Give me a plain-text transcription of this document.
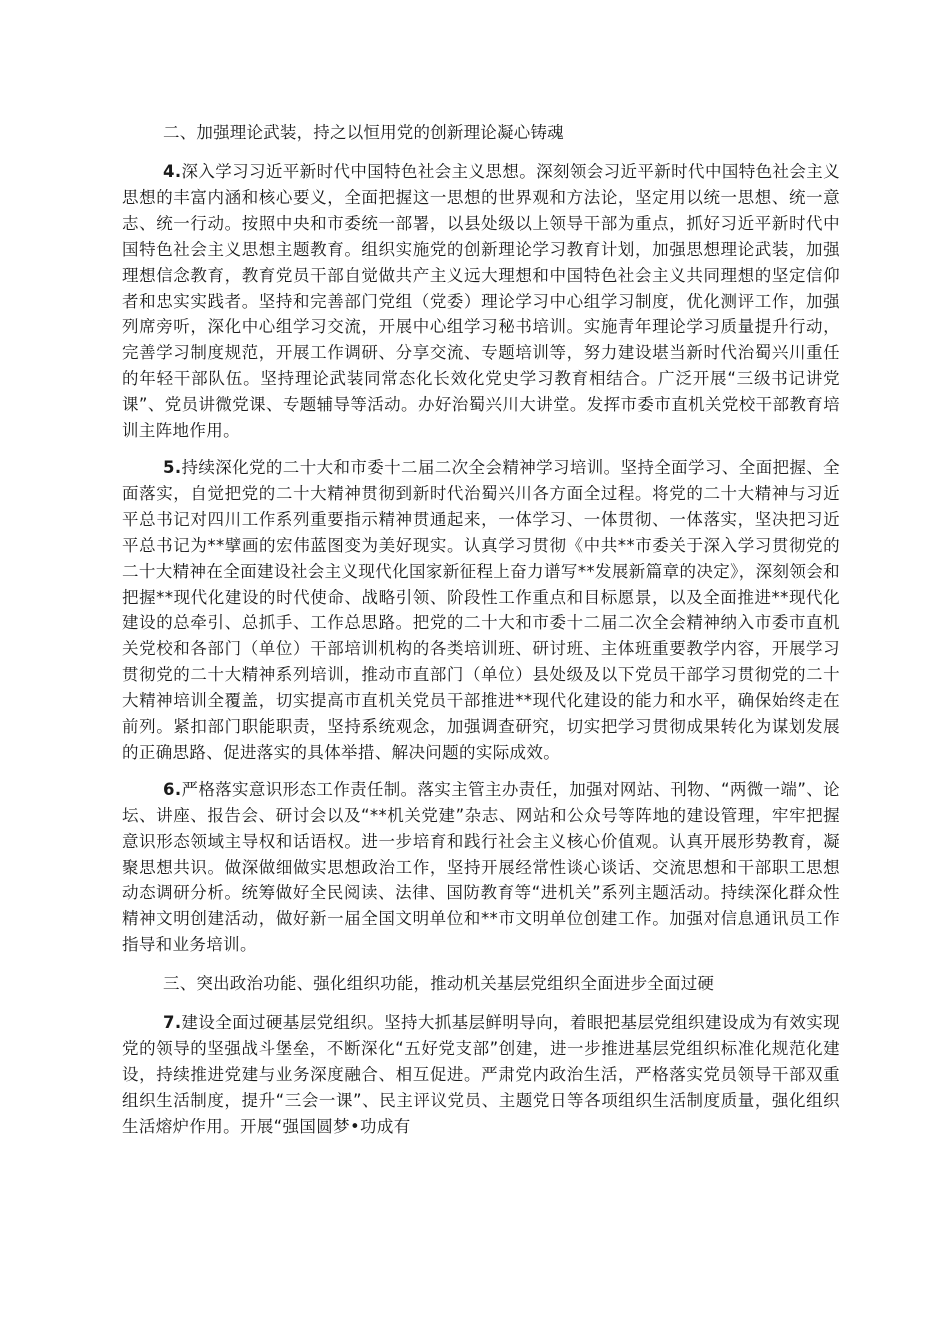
二、加强理论武装，持之以恒用党的创新理论凝心铸魂

4.深入学习习近平新时代中国特色社会主义思想。深刻领会习近平新时代中国特色社会主义思想的丰富内涵和核心要义，全面把握这一思想的世界观和方法论，坚定用以统一思想、统一意志、统一行动。按照中央和市委统一部署，以县处级以上领导干部为重点，抓好习近平新时代中国特色社会主义思想主题教育。组织实施党的创新理论学习教育计划，加强思想理论武装，加强理想信念教育，教育党员干部自觉做共产主义远大理想和中国特色社会主义共同理想的坚定信仰者和忠实实践者。坚持和完善部门党组（党委）理论学习中心组学习制度，优化测评工作，加强列席旁听，深化中心组学习交流，开展中心组学习秘书培训。实施青年理论学习质量提升行动，完善学习制度规范，开展工作调研、分享交流、专题培训等，努力建设堪当新时代治蜀兴川重任的年轻干部队伍。坚持理论武装同常态化长效化党史学习教育相结合。广泛开展“三级书记讲党课”、党员讲微党课、专题辅导等活动。办好治蜀兴川大讲堂。发挥市委市直机关党校干部教育培训主阵地作用。

5.持续深化党的二十大和市委十二届二次全会精神学习培训。坚持全面学习、全面把握、全面落实，自觉把党的二十大精神贯彻到新时代治蜀兴川各方面全过程。将党的二十大精神与习近平总书记对四川工作系列重要指示精神贯通起来，一体学习、一体贯彻、一体落实，坚决把习近平总书记为**擘画的宏伟蓝图变为美好现实。认真学习贯彻《中共**市委关于深入学习贯彻党的二十大精神在全面建设社会主义现代化国家新征程上奋力谱写**发展新篇章的决定》，深刻领会和把握**现代化建设的时代使命、战略引领、阶段性工作重点和目标愿景，以及全面推进**现代化建设的总牵引、总抓手、工作总思路。把党的二十大和市委十二届二次全会精神纳入市委市直机关党校和各部门（单位）干部培训机构的各类培训班、研讨班、主体班重要教学内容，开展学习贯彻党的二十大精神系列培训，推动市直部门（单位）县处级及以下党员干部学习贯彻党的二十大精神培训全覆盖，切实提高市直机关党员干部推进**现代化建设的能力和水平，确保始终走在前列。紧扣部门职能职责，坚持系统观念，加强调查研究，切实把学习贯彻成果转化为谋划发展的正确思路、促进落实的具体举措、解决问题的实际成效。

6.严格落实意识形态工作责任制。落实主管主办责任，加强对网站、刊物、“两微一端”、论坛、讲座、报告会、研讨会以及“**机关党建”杂志、网站和公众号等阵地的建设管理，牢牢把握意识形态领域主导权和话语权。进一步培育和践行社会主义核心价值观。认真开展形势教育，凝聚思想共识。做深做细做实思想政治工作，坚持开展经常性谈心谈话、交流思想和干部职工思想动态调研分析。统筹做好全民阅读、法律、国防教育等“进机关”系列主题活动。持续深化群众性精神文明创建活动，做好新一届全国文明单位和**市文明单位创建工作。加强对信息通讯员工作指导和业务培训。

三、突出政治功能、强化组织功能，推动机关基层党组织全面进步全面过硬

7.建设全面过硬基层党组织。坚持大抓基层鲜明导向，着眼把基层党组织建设成为有效实现党的领导的坚强战斗堡垒，不断深化“五好党支部”创建，进一步推进基层党组织标准化规范化建设，持续推进党建与业务深度融合、相互促进。严肃党内政治生活，严格落实党员领导干部双重组织生活制度，提升“三会一课”、民主评议党员、主题党日等各项组织生活制度质量，强化组织生活熔炉作用。开展“强国圆梦•功成有
